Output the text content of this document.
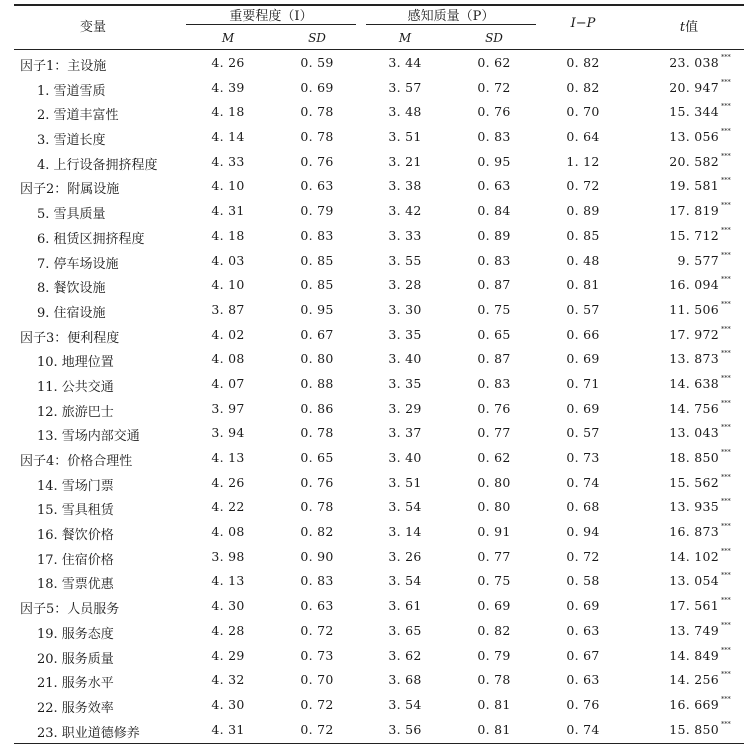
变量
重要程度（I）	感知质量（P）
M	SD	M	SD
I−P	t值
因子1：主设施	4. 26	0. 59	3. 44	0. 62	0. 82	23. 038 ***
1. 雪道雪质	4. 39	0. 69	3. 57	0. 72	0. 82	20. 947 ***
2. 雪道丰富性	4. 18	0. 78	3. 48	0. 76	0. 70	15. 344 ***
3. 雪道长度	4. 14	0. 78	3. 51	0. 83	0. 64	13. 056 ***
4. 上行设备拥挤程度	4. 33	0. 76	3. 21	0. 95	1. 12	20. 582 ***
因子2：附属设施	4. 10	0. 63	3. 38	0. 63	0. 72	19. 581 ***
5. 雪具质量	4. 31	0. 79	3. 42	0. 84	0. 89	17. 819 ***
6. 租赁区拥挤程度	4. 18	0. 83	3. 33	0. 89	0. 85	15. 712 ***
7. 停车场设施	4. 03	0. 85	3. 55	0. 83	0. 48	9. 577 ***
8. 餐饮设施	4. 10	0. 85	3. 28	0. 87	0. 81	16. 094 ***
9. 住宿设施	3. 87	0. 95	3. 30	0. 75	0. 57	11. 506 ***
因子3：便利程度	4. 02	0. 67	3. 35	0. 65	0. 66	17. 972 ***
10. 地理位置	4. 08	0. 80	3. 40	0. 87	0. 69	13. 873 ***
11. 公共交通	4. 07	0. 88	3. 35	0. 83	0. 71	14. 638 ***
12. 旅游巴士	3. 97	0. 86	3. 29	0. 76	0. 69	14. 756 ***
13. 雪场内部交通	3. 94	0. 78	3. 37	0. 77	0. 57	13. 043 ***
因子4：价格合理性	4. 13	0. 65	3. 40	0. 62	0. 73	18. 850 ***
14. 雪场门票	4. 26	0. 76	3. 51	0. 80	0. 74	15. 562 ***
15. 雪具租赁	4. 22	0. 78	3. 54	0. 80	0. 68	13. 935 ***
16. 餐饮价格	4. 08	0. 82	3. 14	0. 91	0. 94	16. 873 ***
17. 住宿价格	3. 98	0. 90	3. 26	0. 77	0. 72	14. 102 ***
18. 雪票优惠	4. 13	0. 83	3. 54	0. 75	0. 58	13. 054 ***
因子5：人员服务	4. 30	0. 63	3. 61	0. 69	0. 69	17. 561 ***
19. 服务态度	4. 28	0. 72	3. 65	0. 82	0. 63	13. 749 ***
20. 服务质量	4. 29	0. 73	3. 62	0. 79	0. 67	14. 849 ***
21. 服务水平	4. 32	0. 70	3. 68	0. 78	0. 63	14. 256 ***
22. 服务效率	4. 30	0. 72	3. 54	0. 81	0. 76	16. 669 ***
23. 职业道德修养	4. 31	0. 72	3. 56	0. 81	0. 74	15. 850 ***
